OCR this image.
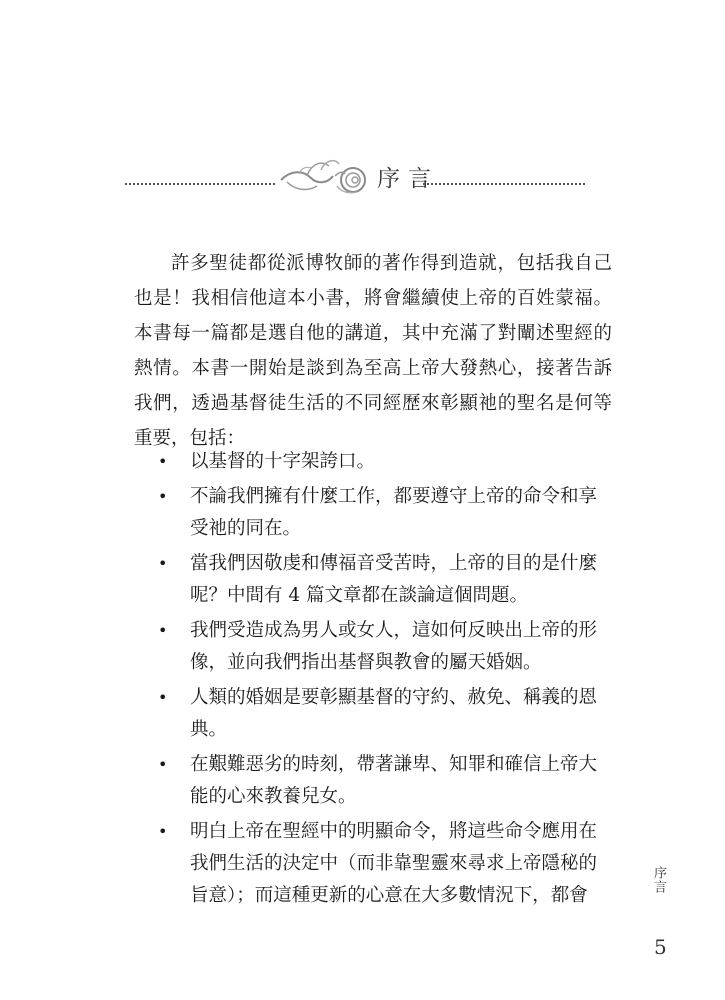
序言

許多聖徒都從派博牧師的著作得到造就，包括我自己也是！我相信他這本小書，將會繼續使上帝的百姓蒙福。本書每一篇都是選自他的講道，其中充滿了對闡述聖經的熱情。本書一開始是談到為至高上帝大發熱心，接著告訴我們，透過基督徒生活的不同經歷來彰顯祂的聖名是何等重要，包括：

• 以基督的十字架誇口。
• 不論我們擁有什麼工作，都要遵守上帝的命令和享受祂的同在。
• 當我們因敬虔和傳福音受苦時，上帝的目的是什麼呢？中間有 4 篇文章都在談論這個問題。
• 我們受造成為男人或女人，這如何反映出上帝的形像，並向我們指出基督與教會的屬天婚姻。
• 人類的婚姻是要彰顯基督的守約、赦免、稱義的恩典。
• 在艱難惡劣的時刻，帶著謙卑、知罪和確信上帝大能的心來教養兒女。
• 明白上帝在聖經中的明顯命令，將這些命令應用在我們生活的決定中（而非靠聖靈來尋求上帝隱秘的旨意）；而這種更新的心意在大多數情況下，都會
序言
5
